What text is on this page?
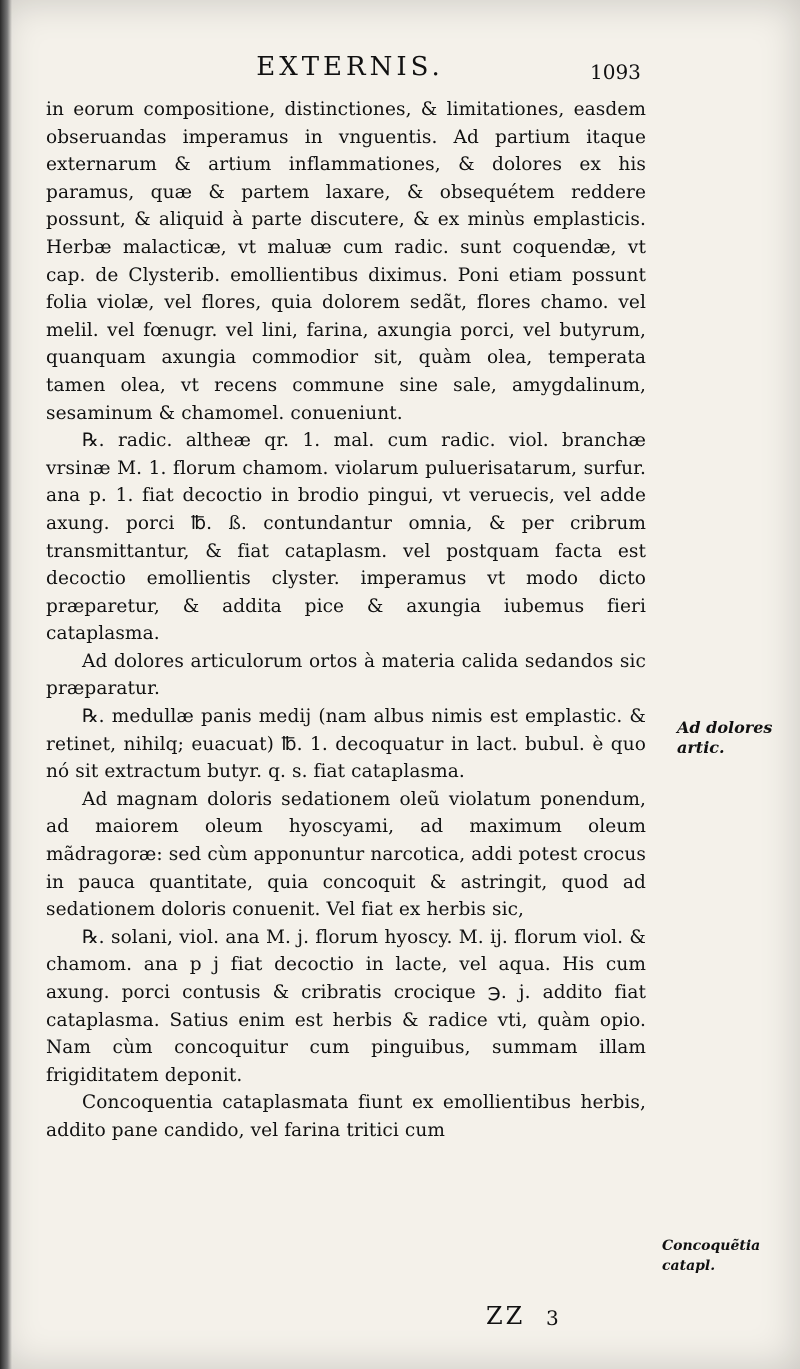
EXTERNIS.	1093

in eorum compositione, distinctiones, & limitationes, easdem obseruandas imperamus in vnguentis. Ad partium itaque externarum & artium inflammationes, & dolores ex his paramus, quæ & partem laxare, & obsequétem reddere possunt, & aliquid à parte discutere, & ex minùs emplasticis. Herbæ malacticæ, vt maluæ cum radic. sunt coquendæ, vt cap. de Clysterib. emollientibus diximus. Poni etiam possunt folia violæ, vel flores, quia dolorem sedãt, flores chamo. vel melil. vel fœnugr. vel lini, farina, axungia porci, vel butyrum, quanquam axungia commodior sit, quàm olea, temperata tamen olea, vt recens commune sine sale, amygdalinum, sesaminum & chamomel. conueniunt.

℞. radic. altheæ qr. 1. mal. cum radic. viol. branchæ vrsinæ M. 1. florum chamom. violarum puluerisatarum, surfur. ana p. 1. fiat decoctio in brodio pingui, vt veruecis, vel adde axung. porci ℔. ß. contundantur omnia, & per cribrum transmittantur, & fiat cataplasm. vel postquam facta est decoctio emollientis clyster. imperamus vt modo dicto præparetur, & addita pice & axungia iubemus fieri cataplasma.

Ad dolores articulorum ortos à materia calida sedandos sic præparatur.

℞. medullæ panis medij (nam albus nimis est emplastic. & retinet, nihilq; euacuat) ℔. 1. decoquatur in lact. bubul. è quo nó sit extractum butyr. q. s. fiat cataplasma.

Ad magnam doloris sedationem oleũ violatum ponendum, ad maiorem oleum hyoscyami, ad maximum oleum mãdragoræ: sed cùm apponuntur narcotica, addi potest crocus in pauca quantitate, quia concoquit & astringit, quod ad sedationem doloris conuenit. Vel fiat ex herbis sic,

℞. solani, viol. ana M. j. florum hyoscy. M. ij. florum viol. & chamom. ana p j fiat decoctio in lacte, vel aqua. His cum axung. porci contusis & cribratis crocique ℈. j. addito fiat cataplasma. Satius enim est herbis & radice vti, quàm opio. Nam cùm concoquitur cum pinguibus, summam illam frigiditatem deponit.

Concoquentia cataplasmata fiunt ex emollientibus herbis, addito pane candido, vel farina tritici cum

Ad dolores artic.
Concoquẽtia catapl.
ZZ 3
